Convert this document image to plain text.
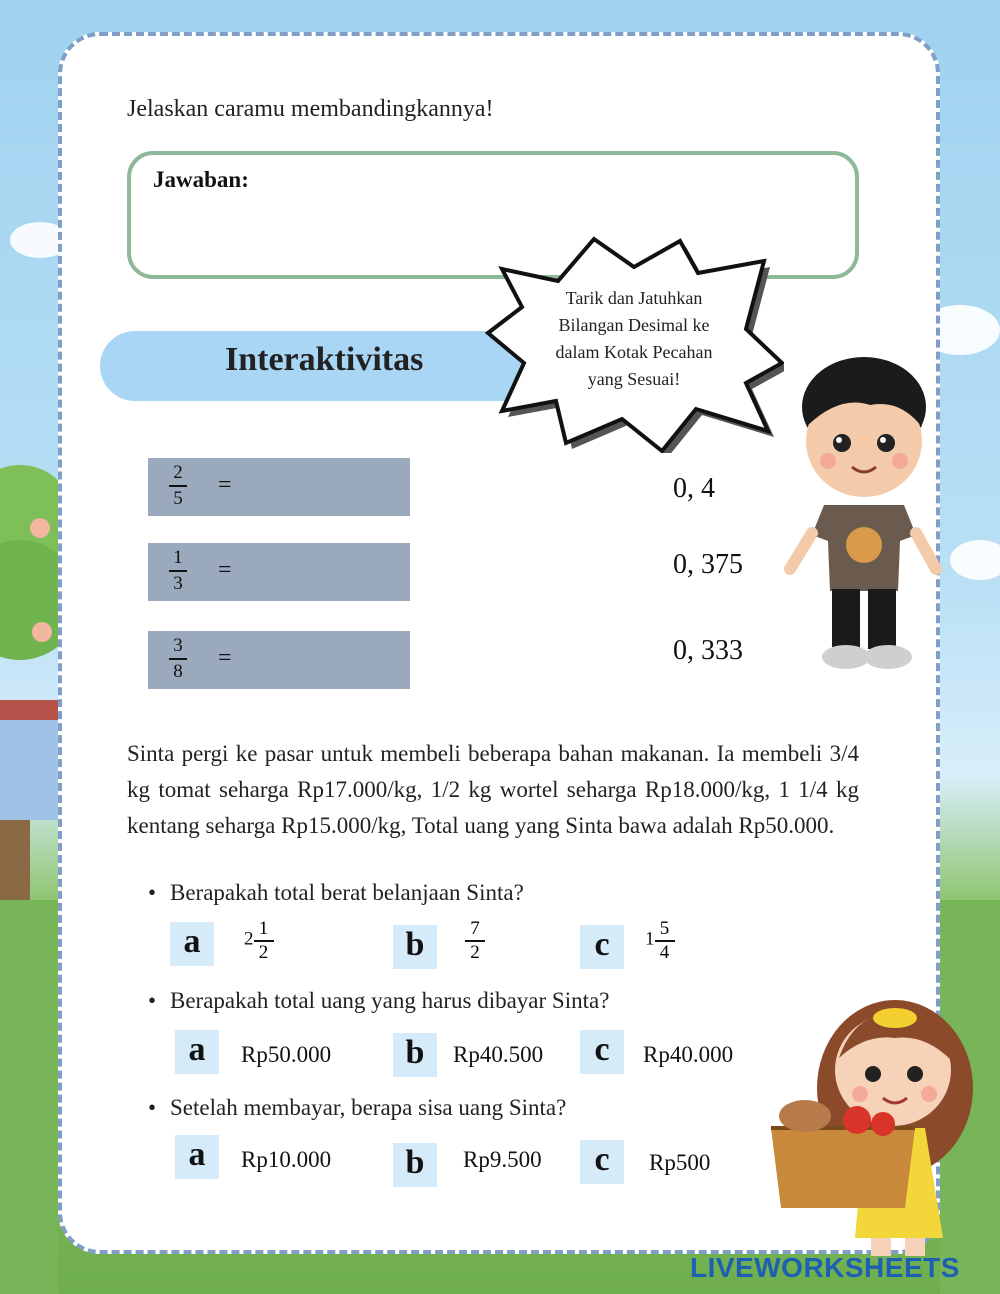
Jelaskan caramu membandingkannya!
Jawaban:
Interaktivitas
Tarik dan Jatuhkan
Bilangan Desimal ke
dalam Kotak Pecahan
yang Sesuai!
2
5	=
1
3	=
3
8	=
0, 4
0, 375
0, 333
Sinta pergi ke pasar untuk membeli beberapa bahan makanan. Ia membeli 3/4 kg tomat seharga Rp17.000/kg, 1/2 kg wortel seharga Rp18.000/kg, 1 1/4 kg kentang seharga Rp15.000/kg, Total uang yang Sinta bawa adalah Rp50.000.
• Berapakah total berat belanjaan Sinta?
a	$2 \frac{1}{2}$	b	$\frac{7}{2}$	c	$1 \frac{5}{4}$
• Berapakah total uang yang harus dibayar Sinta?
a	Rp50.000	b	Rp40.500	c	Rp40.000
• Setelah membayar, berapa sisa uang Sinta?
a	Rp10.000	b	Rp9.500	c	Rp500
LIVEWORKSHEETS
